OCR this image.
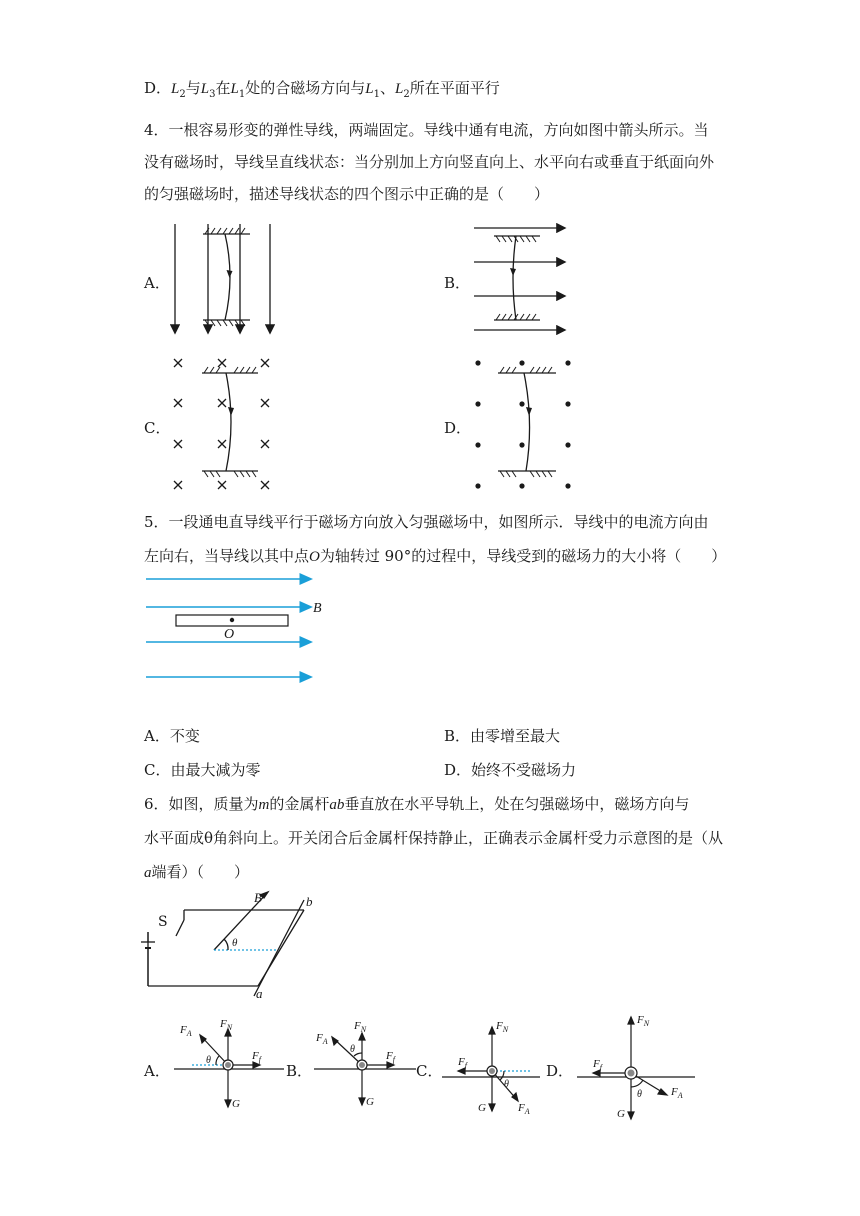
D．$L_2$与$L_3$在$L_1$处的合磁场方向与$L_1$、$L_2$所在平面平行
4．一根容易形变的弹性导线，两端固定。导线中通有电流，方向如图中箭头所示。当
没有磁场时，导线呈直线状态：当分别加上方向竖直向上、水平向右或垂直于纸面向外
的匀强磁场时，描述导线状态的四个图示中正确的是（　　）
A．	B．
C．	D．
5．一段通电直导线平行于磁场方向放入匀强磁场中，如图所示．导线中的电流方向由
左向右，当导线以其中点O为轴转过 90°的过程中，导线受到的磁场力的大小将（　　）
B
O
A．不变	B．由零增至最大
C．由最大减为零	D．始终不受磁场力
6．如图，质量为m的金属杆ab垂直放在水平导轨上，处在匀强磁场中，磁场方向与
水平面成θ角斜向上。开关闭合后金属杆保持静止，正确表示金属杆受力示意图的是（从
a端看）（　　）
S
B	b
a
θ
A．	B．	C．	D．
$F_A$
$F_N$
$F_f$
G
θ
$F_A$
$F_N$
$F_f$
G
θ
$F_N$
$F_f$
G	$F_A$
θ
$F_N$
$F_f$
G
$F_A$
θ
